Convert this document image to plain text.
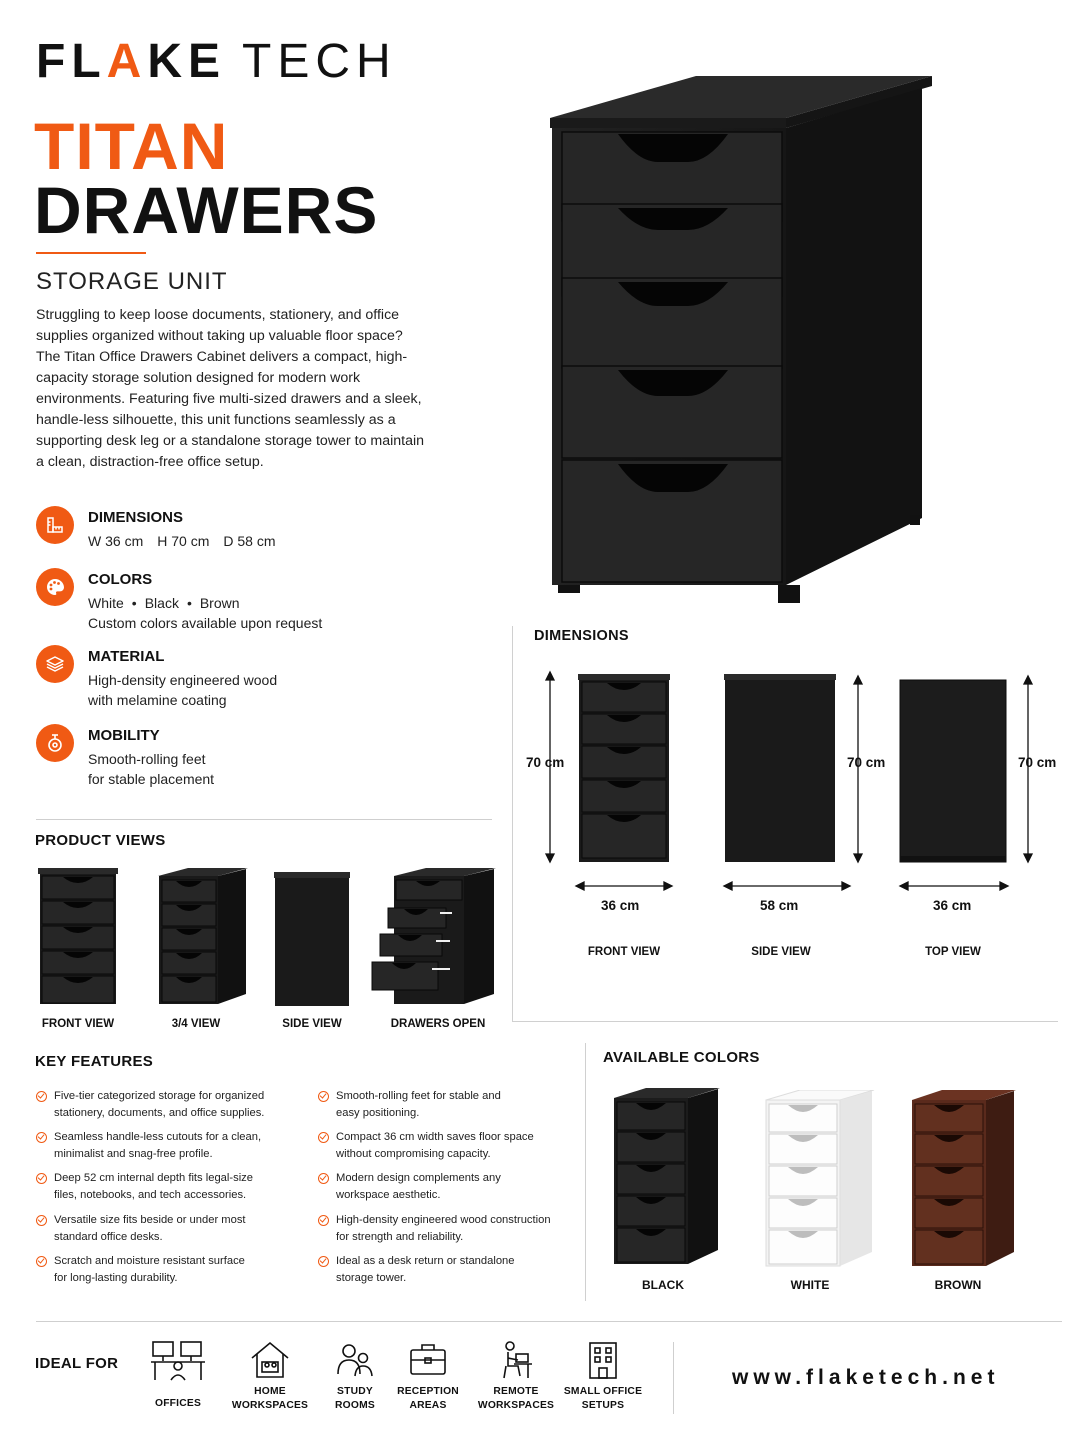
FL A KE TECH
TITAN
DRAWERS
STORAGE UNIT
Struggling to keep loose documents, stationery, and office supplies organized without taking up valuable floor space? The Titan Office Drawers Cabinet delivers a compact, high-capacity storage solution designed for modern work environments. Featuring five multi-sized drawers and a sleek, handle-less silhouette, this unit functions seamlessly as a supporting desk leg or a standalone storage tower to maintain a clean, distraction-free office setup.
DIMENSIONS
W 36 cm H 70 cm D 58 cm
COLORS
White • Black • Brown
Custom colors available upon request
MATERIAL
High-density engineered wood
with melamine coating
MOBILITY
Smooth-rolling feet
for stable placement
PRODUCT VIEWS
FRONT VIEW	3/4 VIEW	SIDE VIEW	DRAWERS OPEN
DIMENSIONS
70 cm	70 cm	70 cm
36 cm	58 cm	36 cm
FRONT VIEW	SIDE VIEW	TOP VIEW
KEY FEATURES
Five-tier categorized storage for organized
stationery, documents, and office supplies.
Seamless handle-less cutouts for a clean,
minimalist and snag-free profile.
Deep 52 cm internal depth fits legal-size
files, notebooks, and tech accessories.
Versatile size fits beside or under most
standard office desks.
Scratch and moisture resistant surface
for long-lasting durability.
Smooth-rolling feet for stable and
easy positioning.
Compact 36 cm width saves floor space
without compromising capacity.
Modern design complements any
workspace aesthetic.
High-density engineered wood construction
for strength and reliability.
Ideal as a desk return or standalone
storage tower.
AVAILABLE COLORS
BLACK	WHITE	BROWN
IDEAL FOR
OFFICES
HOME
WORKSPACES
STUDY
ROOMS
RECEPTION
AREAS
REMOTE
WORKSPACES
SMALL OFFICE
SETUPS
www.flaketech.net
